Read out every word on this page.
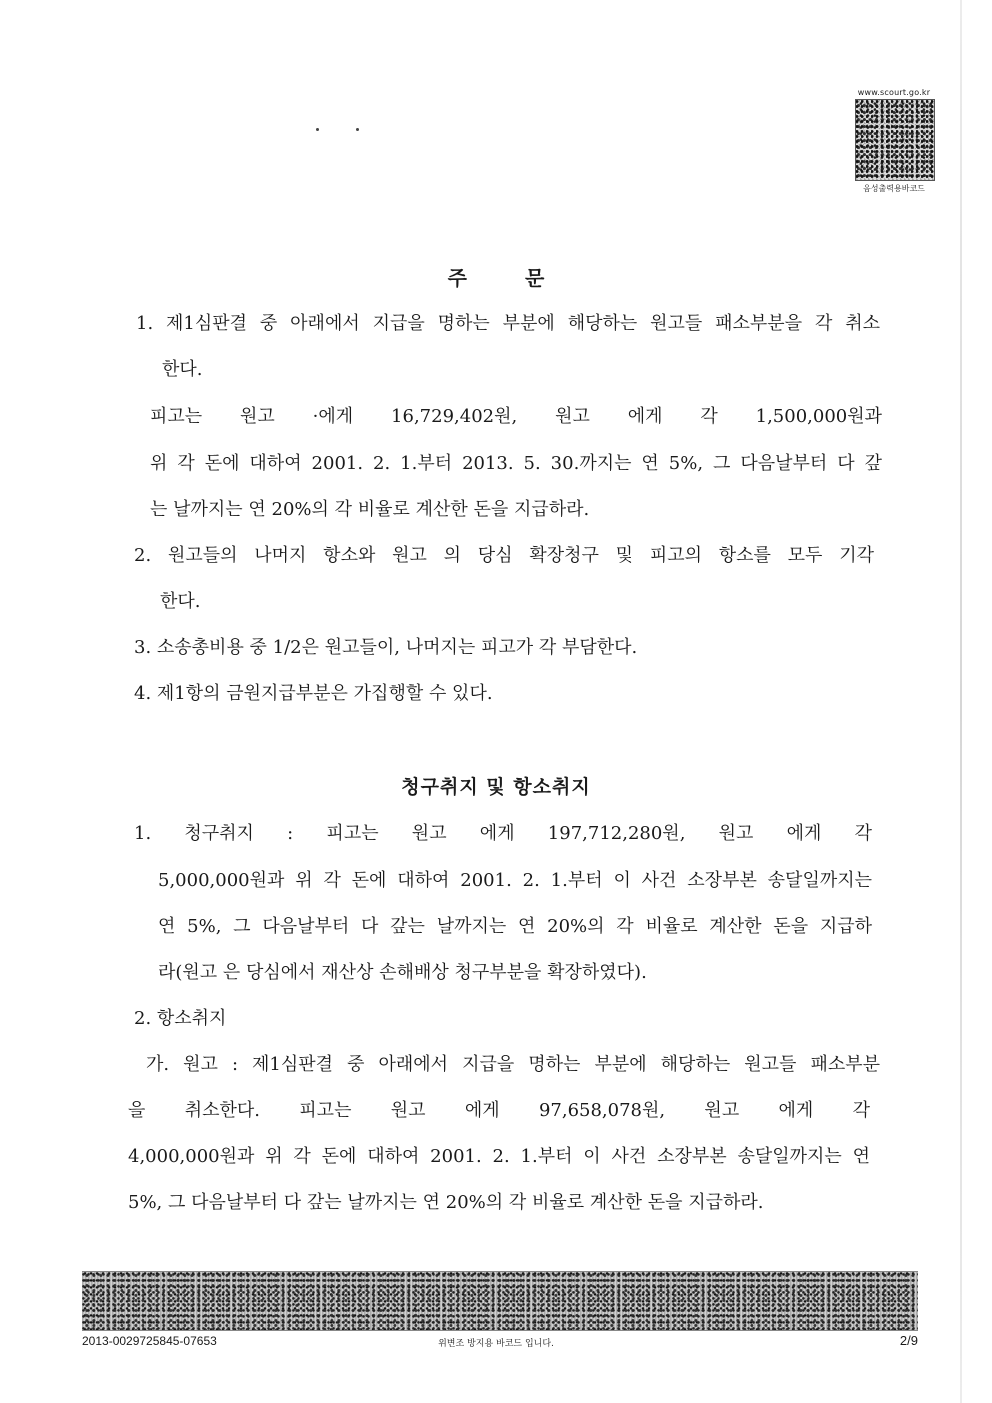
www.scourt.go.kr
음성출력용바코드
주문
1. 제1심판결 중 아래에서 지급을 명하는 부분에 해당하는 원고들 패소부분을 각 취소
한다.
피고는 원고 ·에게 16,729,402원, 원고 에게 각 1,500,000원과
위 각 돈에 대하여 2001. 2. 1.부터 2013. 5. 30.까지는 연 5%, 그 다음날부터 다 갚
는 날까지는 연 20%의 각 비율로 계산한 돈을 지급하라.
2. 원고들의 나머지 항소와 원고 의 당심 확장청구 및 피고의 항소를 모두 기각
한다.
3. 소송총비용 중 1/2은 원고들이, 나머지는 피고가 각 부담한다.
4. 제1항의 금원지급부분은 가집행할 수 있다.
청구취지 및 항소취지
1. 청구취지 : 피고는 원고 에게 197,712,280원, 원고 에게 각
5,000,000원과 위 각 돈에 대하여 2001. 2. 1.부터 이 사건 소장부본 송달일까지는
연 5%, 그 다음날부터 다 갚는 날까지는 연 20%의 각 비율로 계산한 돈을 지급하
라(원고 은 당심에서 재산상 손해배상 청구부분을 확장하였다).
2. 항소취지
가. 원고 : 제1심판결 중 아래에서 지급을 명하는 부분에 해당하는 원고들 패소부분
을 취소한다. 피고는 원고 에게 97,658,078원, 원고 에게 각
4,000,000원과 위 각 돈에 대하여 2001. 2. 1.부터 이 사건 소장부본 송달일까지는 연
5%, 그 다음날부터 다 갚는 날까지는 연 20%의 각 비율로 계산한 돈을 지급하라.
2013-0029725845-07653	위변조 방지용 바코드 입니다.	2/9
